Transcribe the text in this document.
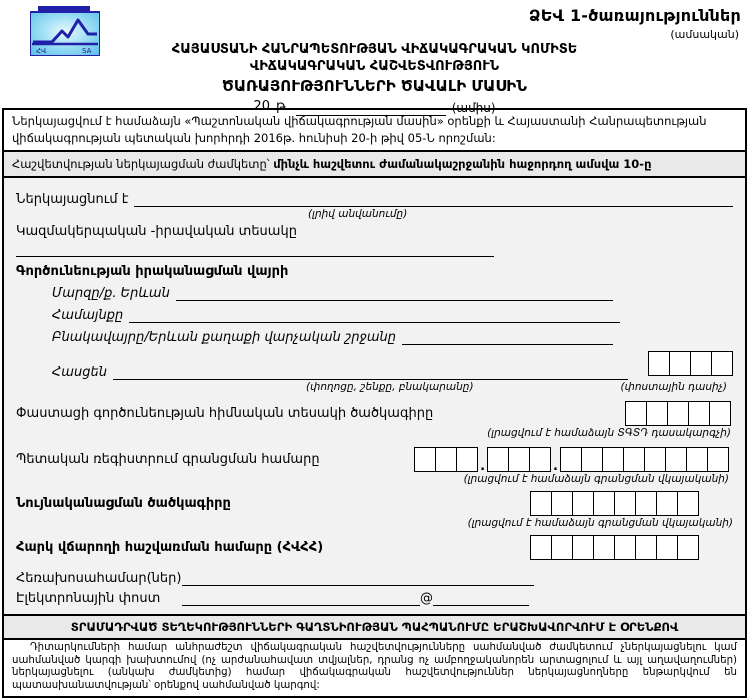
ՀՎ	SA
ՁԵՎ 1-ծառայություններ
(ամսական)
ՀԱՅԱՍՏԱՆԻ ՀԱՆՐԱՊԵՏՈՒԹՅԱՆ ՎԻՃԱԿԱԳՐԱԿԱՆ ԿՈՄԻՏԵ
ՎԻՃԱԿԱԳՐԱԿԱՆ ՀԱՇՎԵՏՎՈՒԹՅՈՒՆ
ԾԱՌԱՅՈՒԹՅՈՒՆՆԵՐԻ ԾԱՎԱԼԻ ՄԱՍԻՆ
20 թ.	(ամիս)
Ներկայացվում է համաձայն «Պաշտոնական վիճակագրության մասին» օրենքի և Հայաստանի Հանրապետության վիճակագրության պետական խորհրդի 2016թ. հունիսի 20-ի թիվ 05-Ն որոշման:
Հաշվետվության ներկայացման ժամկետը՝ մինչև հաշվետու ժամանակաշրջանին հաջորդող ամսվա 10-ը
Ներկայացնում է
(լրիվ անվանումը)
Կազմակերպական -իրավական տեսակը
Գործունեության իրականացման վայրի
Մարզը/ք. Երևան
Համայնքը
Բնակավայրը/Երևան քաղաքի վարչական շրջանը
Հասցեն
(փողոցը, շենքը, բնակարանը)	(փոստային դասիչ)
Փաստացի գործունեության հիմնական տեսակի ծածկագիրը
(լրացվում է համաձայն ՏԳՏԴ դասակարգչի)
Պետական ռեգիստրում գրանցման համարը	.	.
(լրացվում է համաձայն գրանցման վկայականի)
Նույնականացման ծածկագիրը
(լրացվում է համաձայն գրանցման վկայականի)
Հարկ վճարողի հաշվառման համարը (ՀՎՀՀ)
Հեռախոսահամար(ներ)
Էլեկտրոնային փոստ	@
ՏՐԱՄԱԴՐՎԱԾ ՏԵՂԵԿՈՒԹՅՈՒՆՆԵՐԻ ԳԱՂՏՆԻՈՒԹՅԱՆ ՊԱՀՊԱՆՈՒՄԸ ԵՐԱՇԽԱՎՈՐՎՈՒՄ Է ՕՐԵՆՔՈՎ

Դիտարկումների համար անհրաժեշտ վիճակագրական հաշվետվությունները սահմանված ժամկետում չներկայացնելու կամ սահմանված կարգի խախտումով (ոչ արժանահավատ տվյալներ, դրանց ոչ ամբողջականորեն արտացոլում և այլ աղավաղումներ) ներկայացնելու (անկախ ժամկետից) համար վիճակագրական հաշվետվություններ ներկայացնողները ենթարկվում են պատասխանատվության՝ օրենքով սահմանված կարգով:
